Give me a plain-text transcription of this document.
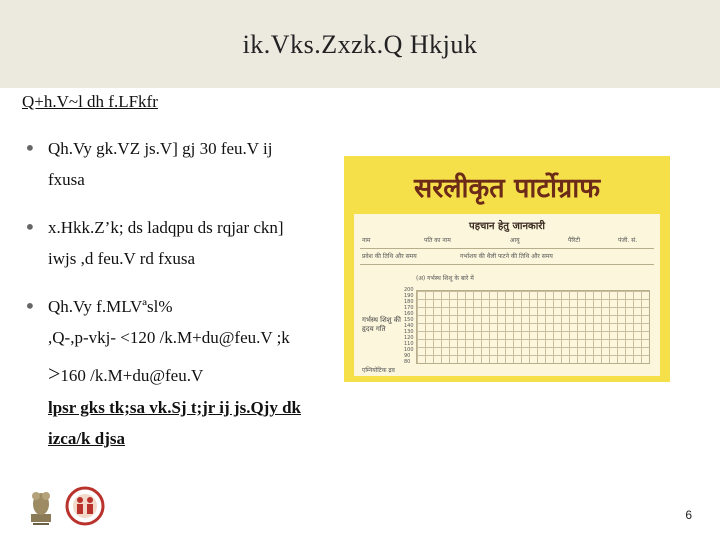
ik.Vks.Zxzk.Q Hkjuk
Q+h.V~l dh f.LFkfr
• Qh.Vy gk.VZ js.V] gj 30 feu.V ij
fxusa
• x.Hkk.Z’k; ds ladqpu ds rqjar ckn]
iwjs ,d feu.V rd fxusa
• Qh.Vy f.MLVªsl%
,Q-,p-vkj- <120 /k.M+du@feu.V ;k
>160 /k.M+du@feu.V
lpsr gks tk;sa vk.Sj t;jr ij js.Qjy dk
izca/k djsa
सरलीकृत पार्टोग्राफ
पहचान हेतु जानकारी
नाम	पति का नाम	आयु	पैरिटी	पंजी. सं.
प्रवेश की तिथि और समय	गर्भाशय की थैली फटने की तिथि और समय
(अ) गर्भस्थ शिशु के बारे में
गर्भस्थ शिशु की हृदय गति
200
190
180
170
160
150
140
130
120
110
100
90
80
एम्नियोटिक द्रव
6
